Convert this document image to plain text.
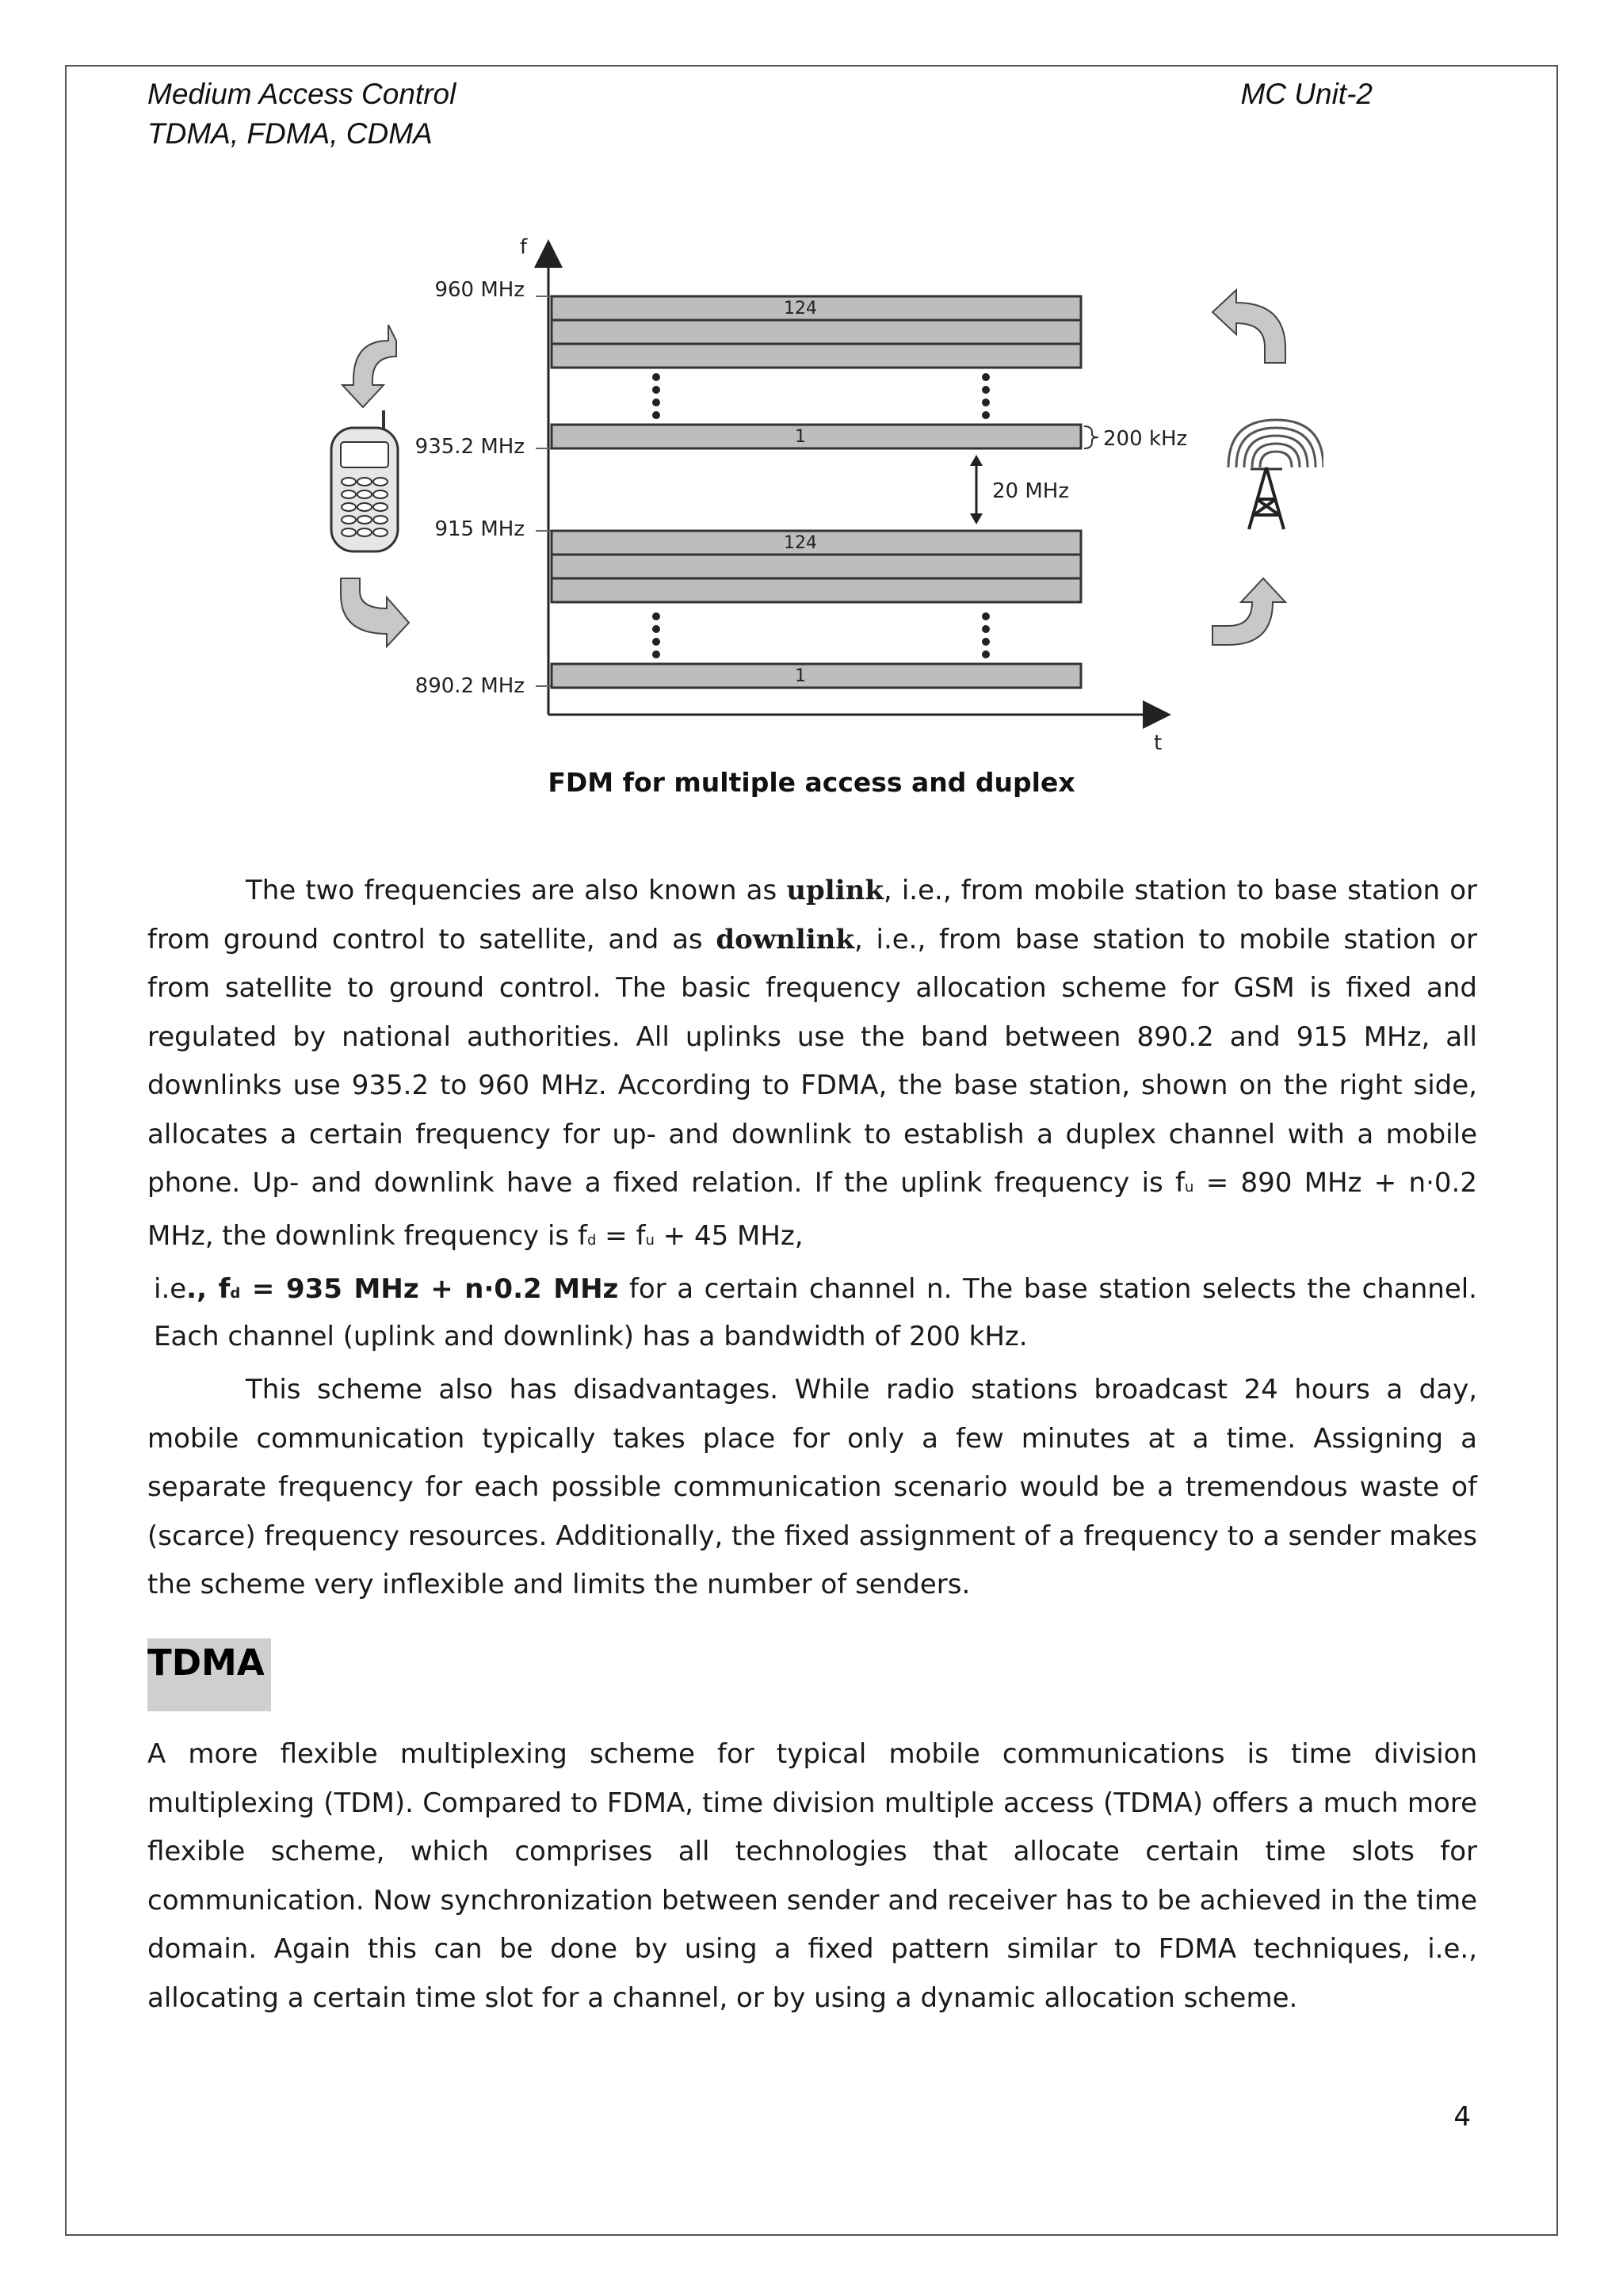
Medium Access Control
TDMA, FDMA, CDMA
MC Unit-2
f
t
960 MHz
935.2 MHz
915 MHz
890.2 MHz
124
1	200 kHz
20 MHz
124
1
FDM for multiple access and duplex

The two frequencies are also known as uplink, i.e., from mobile station to base station or from ground control to satellite, and as downlink, i.e., from base station to mobile station or from satellite to ground control. The basic frequency allocation scheme for GSM is fixed and regulated by national authorities. All uplinks use the band between 890.2 and 915 MHz, all downlinks use 935.2 to 960 MHz. According to FDMA, the base station, shown on the right side, allocates a certain frequency for up- and downlink to establish a duplex channel with a mobile phone. Up- and downlink have a fixed relation. If the uplink frequency is fu = 890 MHz + n·0.2 MHz, the downlink frequency is fd = fu + 45 MHz,

i.e., fd = 935 MHz + n·0.2 MHz for a certain channel n. The base station selects the channel. Each channel (uplink and downlink) has a bandwidth of 200 kHz.

This scheme also has disadvantages. While radio stations broadcast 24 hours a day, mobile communication typically takes place for only a few minutes at a time. Assigning a separate frequency for each possible communication scenario would be a tremendous waste of (scarce) frequency resources. Additionally, the fixed assignment of a frequency to a sender makes the scheme very inflexible and limits the number of senders.

TDMA

A more flexible multiplexing scheme for typical mobile communications is time division multiplexing (TDM). Compared to FDMA, time division multiple access (TDMA) offers a much more flexible scheme, which comprises all technologies that allocate certain time slots for communication. Now synchronization between sender and receiver has to be achieved in the time domain. Again this can be done by using a fixed pattern similar to FDMA techniques, i.e., allocating a certain time slot for a channel, or by using a dynamic allocation scheme.

4
